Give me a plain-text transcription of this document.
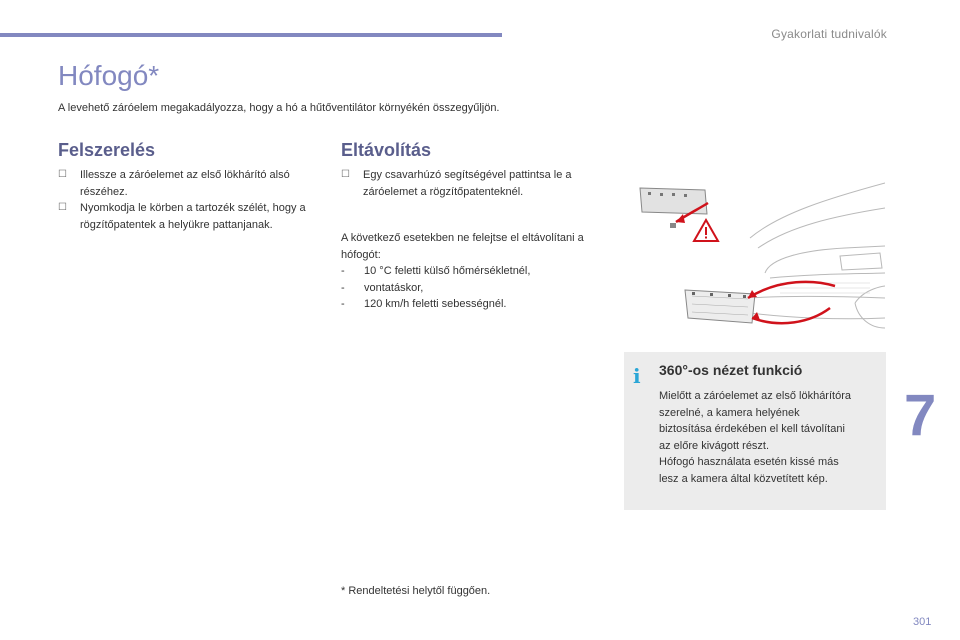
Gyakorlati tudnivalók
Hófogó*
A levehető záróelem megakadályozza, hogy a hó a hűtőventilátor környékén összegyűljön.
Felszerelés
☐ Illessze a záróelemet az első lökhárító alsó részéhez.
☐ Nyomkodja le körben a tartozék szélét, hogy a rögzítőpatentek a helyükre pattanjanak.
Eltávolítás
☐ Egy csavarhúzó segítségével pattintsa le a záróelemet a rögzítőpatenteknél.
A következő esetekben ne felejtse el eltávolítani a hófogót:
-	10 °C feletti külső hőmérsékletnél,
-	vontatáskor,
-	120 km/h feletti sebességnél.
i 360°-os nézet funkció
Mielőtt a záróelemet az első lökhárítóra
szerelné, a kamera helyének
biztosítása érdekében el kell távolítani
az előre kivágott részt.
Hófogó használata esetén kissé más
lesz a kamera által közvetített kép.
7
* Rendeltetési helytől függően.
301
